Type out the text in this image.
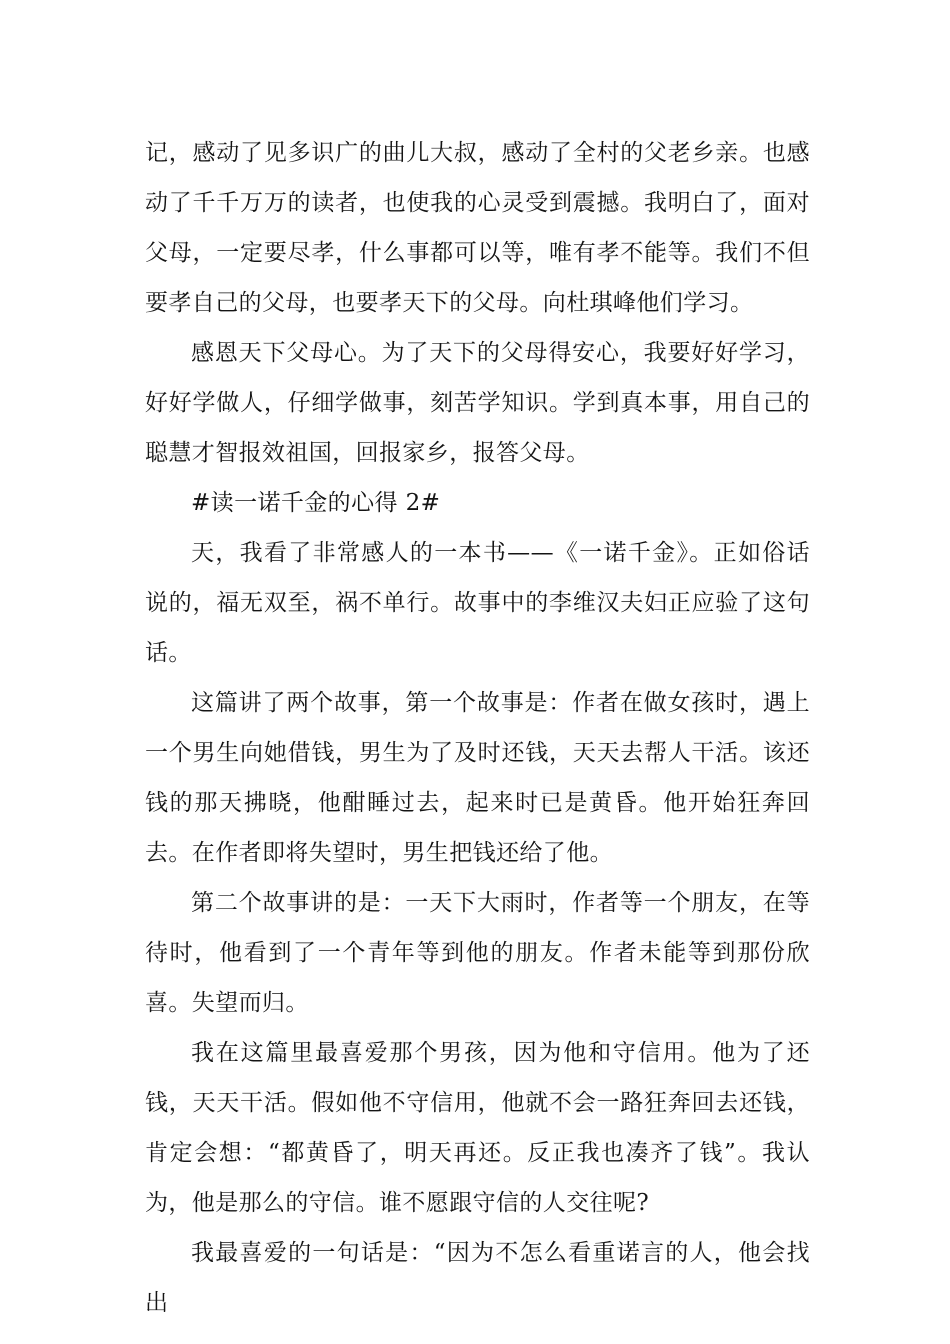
记，感动了见多识广的曲儿大叔，感动了全村的父老乡亲。也感动了千千万万的读者，也使我的心灵受到震撼。我明白了，面对父母，一定要尽孝，什么事都可以等，唯有孝不能等。我们不但要孝自己的父母，也要孝天下的父母。向杜琪峰他们学习。

感恩天下父母心。为了天下的父母得安心，我要好好学习，好好学做人，仔细学做事，刻苦学知识。学到真本事，用自己的聪慧才智报效祖国，回报家乡，报答父母。

#读一诺千金的心得 2#

天，我看了非常感人的一本书——《一诺千金》。正如俗话说的，福无双至，祸不单行。故事中的李维汉夫妇正应验了这句话。

这篇讲了两个故事，第一个故事是：作者在做女孩时，遇上一个男生向她借钱，男生为了及时还钱，天天去帮人干活。该还钱的那天拂晓，他酣睡过去，起来时已是黄昏。他开始狂奔回去。在作者即将失望时，男生把钱还给了他。

第二个故事讲的是：一天下大雨时，作者等一个朋友，在等待时，他看到了一个青年等到他的朋友。作者未能等到那份欣喜。失望而归。

我在这篇里最喜爱那个男孩，因为他和守信用。他为了还钱，天天干活。假如他不守信用，他就不会一路狂奔回去还钱，肯定会想：“都黄昏了，明天再还。反正我也凑齐了钱”。我认为，他是那么的守信。谁不愿跟守信的人交往呢?

我最喜爱的一句话是：“因为不怎么看重诺言的人，他会找出
